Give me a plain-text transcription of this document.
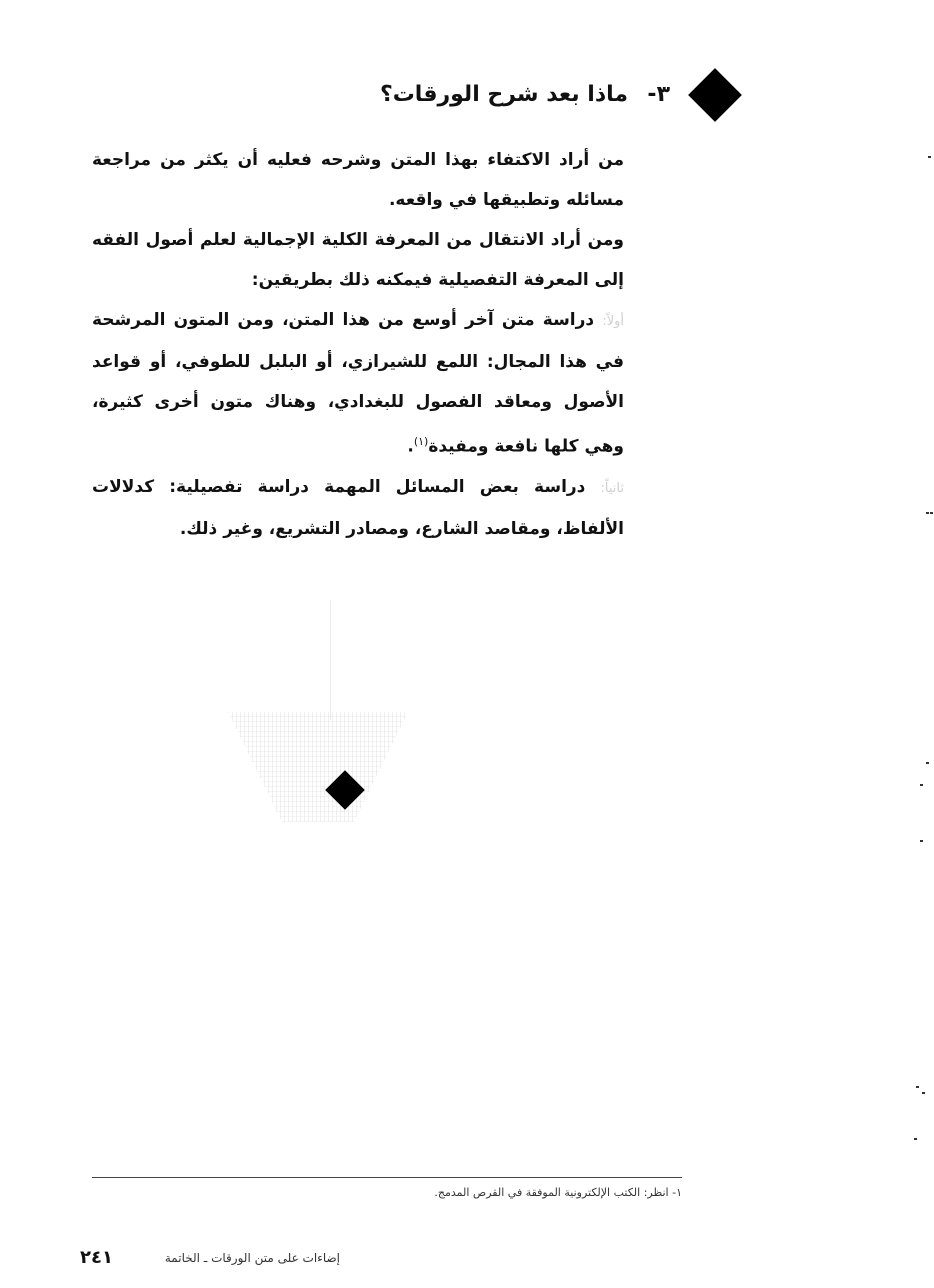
٣-
ماذا بعد شرح الورقات؟

من أراد الاكتفاء بهذا المتن وشرحه فعليه أن يكثر من مراجعة مسائله وتطبيقها في واقعه.

ومن أراد الانتقال من المعرفة الكلية الإجمالية لعلم أصول الفقه إلى المعرفة التفصيلية فيمكنه ذلك بطريقين:

أولاً: دراسة متن آخر أوسع من هذا المتن، ومن المتون المرشحة في هذا المجال: اللمع للشيرازي، أو البلبل للطوفي، أو قواعد الأصول ومعاقد الفصول للبغدادي، وهناك متون أخرى كثيرة، وهي كلها نافعة ومفيدة$^{(١)}$.

ثانياً: دراسة بعض المسائل المهمة دراسة تفصيلية: كدلالات الألفاظ، ومقاصد الشارع، ومصادر التشريع، وغير ذلك.

١- انظر: الكتب الإلكترونية الموفقة في القرص المدمج.
إضاءات على متن الورقات ـ الخاتمة
٢٤١
